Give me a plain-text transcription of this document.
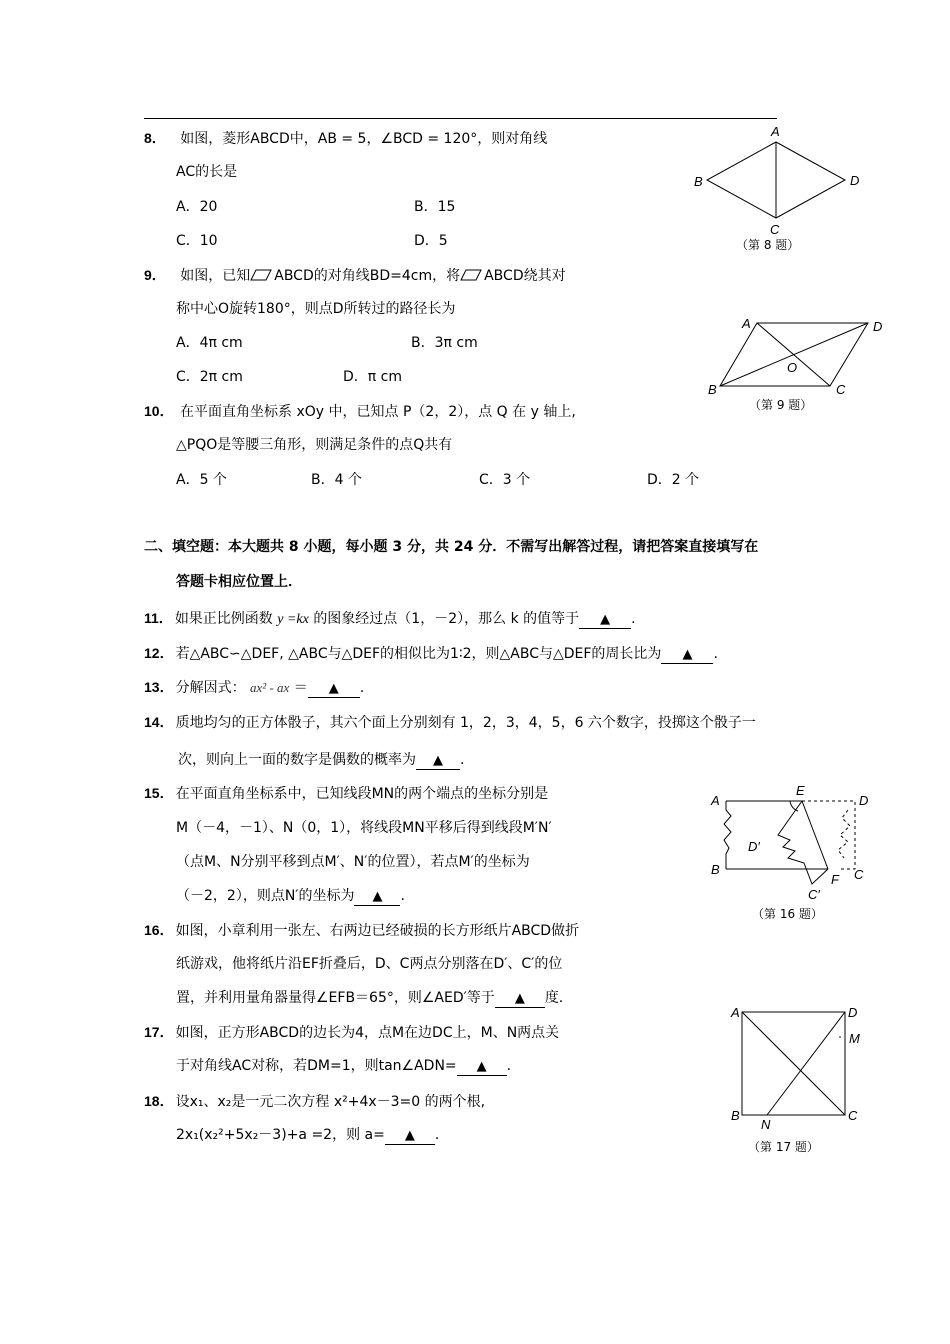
8． 如图，菱形ABCD中，AB = 5，∠BCD = 120°，则对角线
AC的长是
A．20	B．15
C．10	D．5
A
B
C
D
（第 8 题）
9． 如图，已知 ABCD的对角线BD=4cm，将 ABCD绕其对
称中心O旋转180°，则点D所转过的路径长为
A．4π cm	B．3π cm
C．2π cm	D．π cm
A
B	C
D
O
（第 9 题）
10． 在平面直角坐标系 xOy 中，已知点 P（2，2），点 Q 在 y 轴上,
△PQO是等腰三角形，则满足条件的点Q共有
A．5 个	B．4 个	C．3 个	D．2 个
二、填空题：本大题共 8 小题，每小题 3 分，共 24 分．不需写出解答过程，请把答案直接填写在
答题卡相应位置上．
11． 如果正比例函数 y =kx 的图象经过点（1，－2），那么 k 的值等于 ▲ .
12． 若△ABC∽△DEF, △ABC与△DEF的相似比为1∶2，则△ABC与△DEF的周长比为 ▲ .
13． 分解因式： ax² - ax ＝ ▲ .
14． 质地均匀的正方体骰子，其六个面上分别刻有 1，2，3，4，5，6 六个数字，投掷这个骰子一
次，则向上一面的数字是偶数的概率为 ▲ .
15． 在平面直角坐标系中，已知线段MN的两个端点的坐标分别是
M（－4，－1）、N（0，1），将线段MN平移后得到线段M′N′
（点M、N分别平移到点M′、N′的位置），若点M′的坐标为
（－2，2），则点N′的坐标为 ▲ .
A
E
D
D′
B
F C
C′
（第 16 题）
16． 如图，小章利用一张左、右两边已经破损的长方形纸片ABCD做折
纸游戏，他将纸片沿EF折叠后，D、C两点分别落在D′、C′的位
置，并利用量角器量得∠EFB＝65°，则∠AED′等于 ▲ 度.
17． 如图，正方形ABCD的边长为4，点M在边DC上，M、N两点关
于对角线AC对称，若DM=1，则tan∠ADN= ▲ .
A	D
M
B	C
N
（第 17 题）
18． 设x₁、x₂是一元二次方程 x²+4x－3=0 的两个根,
2x₁(x₂²+5x₂－3)+a =2，则 a= ▲ .
